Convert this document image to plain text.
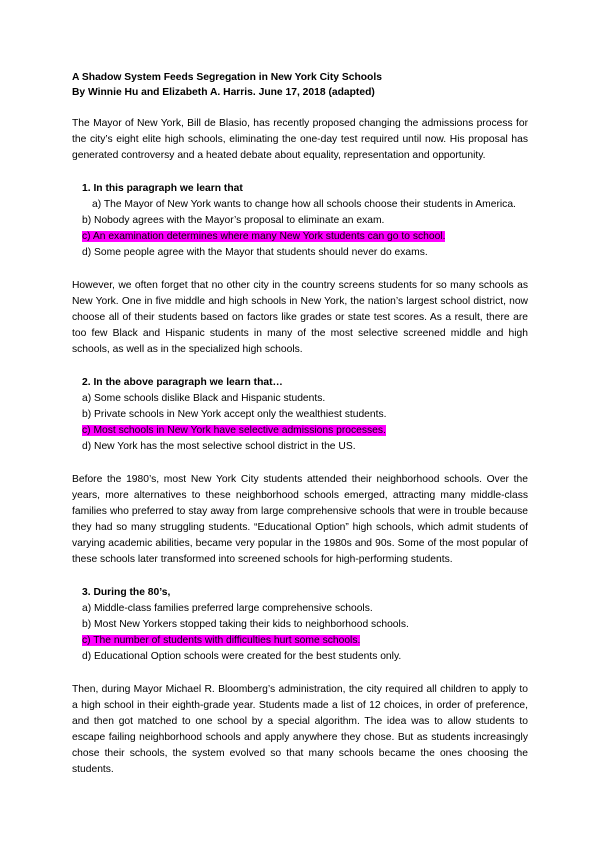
A Shadow System Feeds Segregation in New York City Schools
By Winnie Hu and Elizabeth A. Harris. June 17, 2018 (adapted)

The Mayor of New York, Bill de Blasio, has recently proposed changing the admissions process for the city’s eight elite high schools, eliminating the one-day test required until now. His proposal has generated controversy and a heated debate about equality, representation and opportunity.

1. In this paragraph we learn that
a) The Mayor of New York wants to change how all schools choose their students in America.
b) Nobody agrees with the Mayor’s proposal to eliminate an exam.
c) An examination determines where many New York students can go to school.
d) Some people agree with the Mayor that students should never do exams.

However, we often forget that no other city in the country screens students for so many schools as New York. One in five middle and high schools in New York, the nation’s largest school district, now choose all of their students based on factors like grades or state test scores. As a result, there are too few Black and Hispanic students in many of the most selective screened middle and high schools, as well as in the specialized high schools.

2. In the above paragraph we learn that…
a) Some schools dislike Black and Hispanic students.
b) Private schools in New York accept only the wealthiest students.
c) Most schools in New York have selective admissions processes.
d) New York has the most selective school district in the US.

Before the 1980’s, most New York City students attended their neighborhood schools. Over the years, more alternatives to these neighborhood schools emerged, attracting many middle-class families who preferred to stay away from large comprehensive schools that were in trouble because they had so many struggling students. “Educational Option” high schools, which admit students of varying academic abilities, became very popular in the 1980s and 90s. Some of the most popular of these schools later transformed into screened schools for high-performing students.

3. During the 80’s,
a) Middle-class families preferred large comprehensive schools.
b) Most New Yorkers stopped taking their kids to neighborhood schools.
c) The number of students with difficulties hurt some schools.
d) Educational Option schools were created for the best students only.

Then, during Mayor Michael R. Bloomberg’s administration, the city required all children to apply to a high school in their eighth-grade year. Students made a list of 12 choices, in order of preference, and then got matched to one school by a special algorithm. The idea was to allow students to escape failing neighborhood schools and apply anywhere they chose. But as students increasingly chose their schools, the system evolved so that many schools became the ones choosing the students.
